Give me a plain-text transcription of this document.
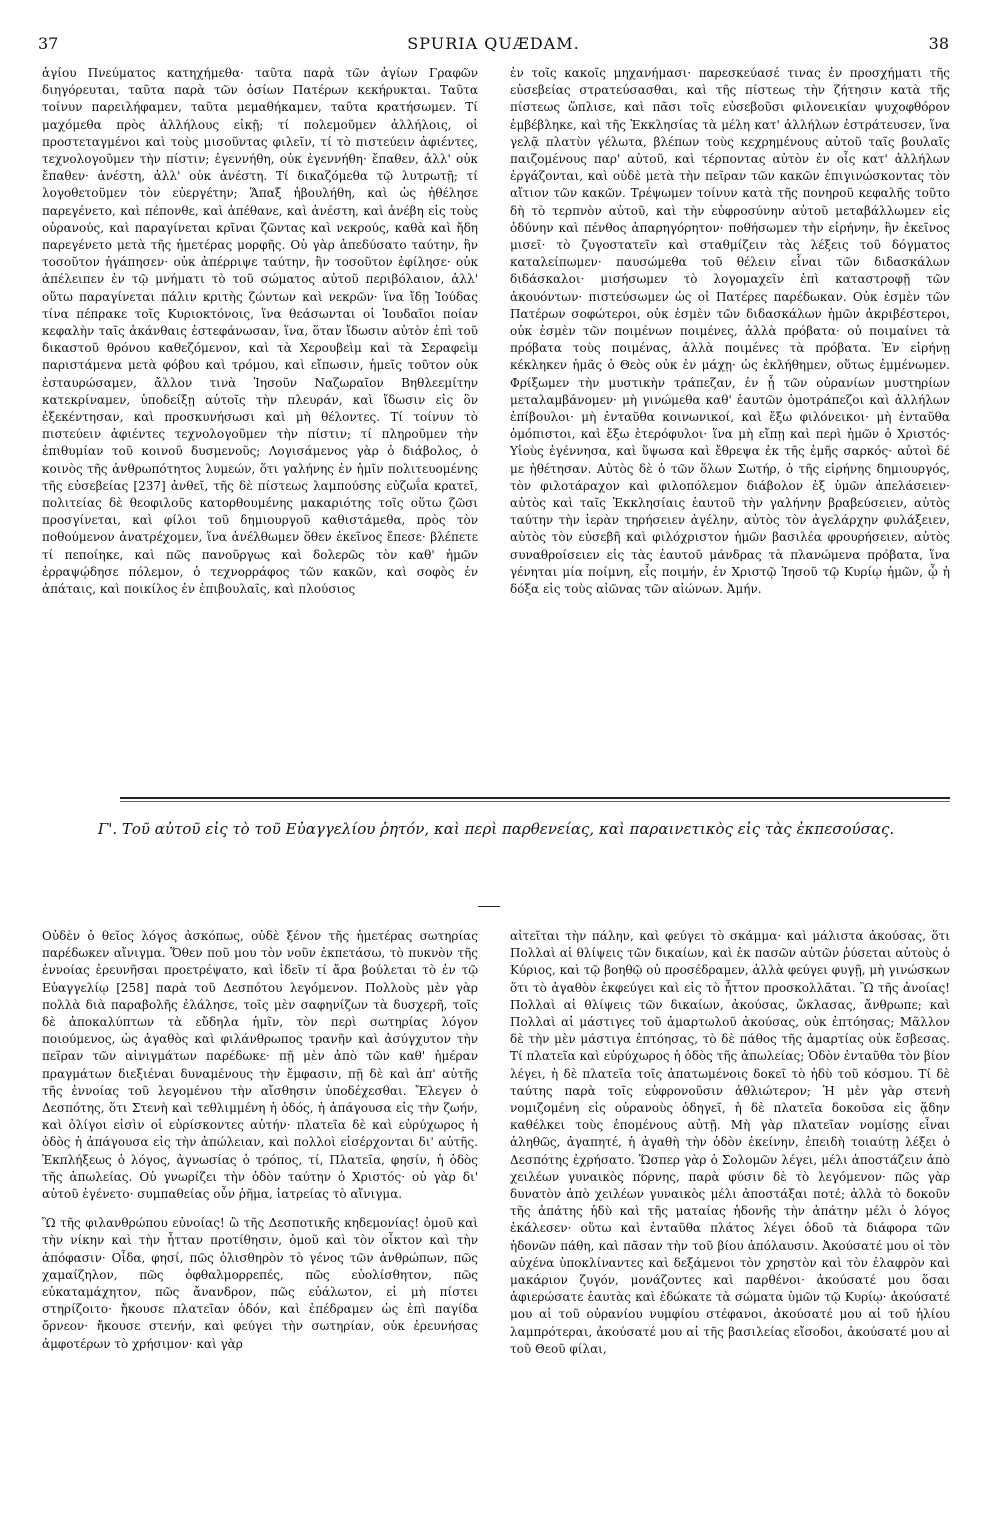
37	SPURIA QUÆDAM.	38

ἁγίου Πνεύματος κατηχήμεθα· ταῦτα παρὰ τῶν ἁγίων Γραφῶν διηγόρευται, ταῦτα παρὰ τῶν ὁσίων Πατέρων κεκήρυκται. Ταῦτα τοίνυν παρειλήφαμεν, ταῦτα μεμαθήκαμεν, ταῦτα κρατήσωμεν. Τί μαχόμεθα πρὸς ἀλλήλους εἰκῇ; τί πολεμοῦμεν ἀλλήλοις, οἱ προστεταγμένοι καὶ τοὺς μισοῦντας φιλεῖν, τί τὸ πιστεύειν ἀφιέντες, τεχνολογοῦμεν τὴν πίστιν; ἐγεννήθη, οὐκ ἐγεννήθη· ἔπαθεν, ἀλλ' οὐκ ἔπαθεν· ἀνέστη, ἀλλ' οὐκ ἀνέστη. Τί δικαζόμεθα τῷ λυτρωτῇ; τί λογοθετοῦμεν τὸν εὐεργέτην; Ἅπαξ ἠβουλήθη, καὶ ὡς ἠθέλησε παρεγένετο, καὶ πέπονθε, καὶ ἀπέθανε, καὶ ἀνέστη, καὶ ἀνέβη εἰς τοὺς οὐρανούς, καὶ παραγίνεται κρῖναι ζῶντας καὶ νεκρούς, καθὰ καὶ ἤδη παρεγένετο μετὰ τῆς ἡμετέρας μορφῆς. Οὐ γὰρ ἀπεδύσατο ταύτην, ἣν τοσοῦτον ἠγάπησεν· οὐκ ἀπέρριψε ταύτην, ἣν τοσοῦτον ἐφίλησε· οὐκ ἀπέλειπεν ἐν τῷ μνήματι τὸ τοῦ σώματος αὐτοῦ περιβόλαιον, ἀλλ' οὕτω παραγίνεται πάλιν κριτὴς ζώντων καὶ νεκρῶν· ἵνα ἴδῃ Ἰούδας τίνα πέπρακε τοῖς Κυριοκτόνοις, ἵνα θεάσωνται οἱ Ἰουδαῖοι ποίαν κεφαλὴν ταῖς ἀκάνθαις ἐστεφάνωσαν, ἵνα, ὅταν ἴδωσιν αὐτὸν ἐπὶ τοῦ δικαστοῦ θρόνου καθεζόμενον, καὶ τὰ Χερουβεὶμ καὶ τὰ Σεραφεὶμ παριστάμενα μετὰ φόβου καὶ τρόμου, καὶ εἴπωσιν, ἡμεῖς τοῦτον οὐκ ἐσταυρώσαμεν, ἄλλον τινὰ Ἰησοῦν Ναζωραῖον Βηθλεεμίτην κατεκρίναμεν, ὑποδείξῃ αὐτοῖς τὴν πλευράν, καὶ ἴδωσιν εἰς ὃν ἐξεκέντησαν, καὶ προσκυνήσωσι καὶ μὴ θέλοντες. Τί τοίνυν τὸ πιστεύειν ἀφιέντες τεχνολογοῦμεν τὴν πίστιν; τί πληροῦμεν τὴν ἐπιθυμίαν τοῦ κοινοῦ δυσμενοῦς; Λογισάμενος γὰρ ὁ διάβολος, ὁ κοινὸς τῆς ἀνθρωπότητος λυμεών, ὅτι γαλήνης ἐν ἡμῖν πολιτευομένης τῆς εὐσεβείας [237] ἀνθεῖ, τῆς δὲ πίστεως λαμπούσης εὐζωΐα κρατεῖ, πολιτείας δὲ θεοφιλοῦς κατορθουμένης μακαριότης τοῖς οὕτω ζῶσι προσγίνεται, καὶ φίλοι τοῦ δημιουργοῦ καθιστάμεθα, πρὸς τὸν ποθούμενον ἀνατρέχομεν, ἵνα ἀνέλθωμεν ὅθεν ἐκεῖνος ἔπεσε· βλέπετε τί πεποίηκε, καὶ πῶς πανοῦργως καὶ δολερῶς τὸν καθ' ἡμῶν ἐρραψῴδησε πόλεμον, ὁ τεχνορράφος τῶν κακῶν, καὶ σοφὸς ἐν ἀπάταις, καὶ ποικίλος ἐν ἐπιβουλαῖς, καὶ πλούσιος

ἐν τοῖς κακοῖς μηχανήμασι· παρεσκεύασέ τινας ἐν προσχήματι τῆς εὐσεβείας στρατεύσασθαι, καὶ τῆς πίστεως τὴν ζήτησιν κατὰ τῆς πίστεως ὥπλισε, καὶ πᾶσι τοῖς εὐσεβοῦσι φιλονεικίαν ψυχοφθόρον ἐμβέβληκε, καὶ τῆς Ἐκκλησίας τὰ μέλη κατ' ἀλλήλων ἐστράτευσεν, ἵνα γελᾷ πλατὺν γέλωτα, βλέπων τοὺς κεχρημένους αὐτοῦ ταῖς βουλαῖς παιζομένους παρ' αὐτοῦ, καὶ τέρποντας αὐτὸν ἐν οἷς κατ' ἀλλήλων ἐργάζονται, καὶ οὐδὲ μετὰ τὴν πεῖραν τῶν κακῶν ἐπιγινώσκοντας τὸν αἴτιον τῶν κακῶν. Τρέψωμεν τοίνυν κατὰ τῆς πονηροῦ κεφαλῆς τοῦτο δὴ τὸ τερπνὸν αὐτοῦ, καὶ τὴν εὐφροσύνην αὐτοῦ μεταβάλλωμεν εἰς ὀδύνην καὶ πένθος ἀπαρηγόρητον· ποθήσωμεν τὴν εἰρήνην, ἣν ἐκεῖνος μισεῖ· τὸ ζυγοστατεῖν καὶ σταθμίζειν τὰς λέξεις τοῦ δόγματος καταλείπωμεν· παυσώμεθα τοῦ θέλειν εἶναι τῶν διδασκάλων διδάσκαλοι· μισήσωμεν τὸ λογομαχεῖν ἐπὶ καταστροφῇ τῶν ἀκουόντων· πιστεύσωμεν ὡς οἱ Πατέρες παρέδωκαν. Οὐκ ἐσμὲν τῶν Πατέρων σοφώτεροι, οὐκ ἐσμὲν τῶν διδασκάλων ἡμῶν ἀκριβέστεροι, οὐκ ἐσμὲν τῶν ποιμένων ποιμένες, ἀλλὰ πρόβατα· οὐ ποιμαίνει τὰ πρόβατα τοὺς ποιμένας, ἀλλὰ ποιμένες τὰ πρόβατα. Ἐν εἰρήνῃ κέκληκεν ἡμᾶς ὁ Θεὸς οὐκ ἐν μάχῃ· ὡς ἐκλήθημεν, οὕτως ἐμμένωμεν. Φρίξωμεν τὴν μυστικὴν τράπεζαν, ἐν ᾗ τῶν οὐρανίων μυστηρίων μεταλαμβάνομεν· μὴ γινώμεθα καθ' ἑαυτῶν ὁμοτράπεζοι καὶ ἀλλήλων ἐπίβουλοι· μὴ ἐνταῦθα κοινωνικοί, καὶ ἔξω φιλόνεικοι· μὴ ἐνταῦθα ὁμόπιστοι, καὶ ἔξω ἑτερόφυλοι· ἵνα μὴ εἴπῃ καὶ περὶ ἡμῶν ὁ Χριστός· Υἱοὺς ἐγέννησα, καὶ ὕψωσα καὶ ἔθρεψα ἐκ τῆς ἐμῆς σαρκός· αὐτοὶ δέ με ἠθέτησαν. Αὐτὸς δὲ ὁ τῶν ὅλων Σωτήρ, ὁ τῆς εἰρήνης δημιουργός, τὸν φιλοτάραχον καὶ φιλοπόλεμον διάβολον ἐξ ὑμῶν ἀπελάσειεν· αὐτὸς καὶ ταῖς Ἐκκλησίαις ἑαυτοῦ τὴν γαλήνην βραβεύσειεν, αὐτὸς ταύτην τὴν ἱερὰν τηρήσειεν ἀγέλην, αὐτὸς τὸν ἀγελάρχην φυλάξειεν, αὐτὸς τὸν εὐσεβῆ καὶ φιλόχριστον ἡμῶν βασιλέα φρουρήσειεν, αὐτὸς συναθροίσειεν εἰς τὰς ἑαυτοῦ μάνδρας τὰ πλανώμενα πρόβατα, ἵνα γένηται μία ποίμνη, εἷς ποιμήν, ἐν Χριστῷ Ἰησοῦ τῷ Κυρίῳ ἡμῶν, ᾧ ἡ δόξα εἰς τοὺς αἰῶνας τῶν αἰώνων. Ἀμήν.

Γ'. Τοῦ αὐτοῦ εἰς τὸ τοῦ Εὐαγγελίου ῥητόν, καὶ περὶ παρθενείας, καὶ παραινετικὸς εἰς τὰς ἐκπεσούσας.

Οὐδὲν ὁ θεῖος λόγος ἀσκόπως, οὐδὲ ξένον τῆς ἡμετέρας σωτηρίας παρέδωκεν αἴνιγμα. Ὅθεν ποῦ μου τὸν νοῦν ἐκπετάσω, τὸ πυκνὸν τῆς ἐννοίας ἐρευνῆσαι προετρέψατο, καὶ ἰδεῖν τί ἄρα βούλεται τὸ ἐν τῷ Εὐαγγελίῳ [258] παρὰ τοῦ Δεσπότου λεγόμενον. Πολλοὺς μὲν γὰρ πολλὰ διὰ παραβολῆς ἐλάλησε, τοῖς μὲν σαφηνίζων τὰ δυσχερῆ, τοῖς δὲ ἀποκαλύπτων τὰ εὔδηλα ἡμῖν, τὸν περὶ σωτηρίας λόγον ποιούμενος, ὡς ἀγαθὸς καὶ φιλάνθρωπος τρανῆν καὶ ἀσύγχυτον τὴν πεῖραν τῶν αἰνιγμάτων παρέδωκε· πῇ μὲν ἀπὸ τῶν καθ' ἡμέραν πραγμάτων διεξιέναι δυναμένους τὴν ἔμφασιν, πῇ δὲ καὶ ἀπ' αὐτῆς τῆς ἐννοίας τοῦ λεγομένου τὴν αἴσθησιν ὑποδέχεσθαι. Ἔλεγεν ὁ Δεσπότης, ὅτι Στενὴ καὶ τεθλιμμένη ἡ ὁδός, ἡ ἀπάγουσα εἰς τὴν ζωήν, καὶ ὀλίγοι εἰσὶν οἱ εὑρίσκοντες αὐτήν· πλατεῖα δὲ καὶ εὐρύχωρος ἡ ὁδὸς ἡ ἀπάγουσα εἰς τὴν ἀπώλειαν, καὶ πολλοὶ εἰσέρχονται δι' αὐτῆς. Ἐκπλήξεως ὁ λόγος, ἀγνωσίας ὁ τρόπος, τί, Πλατεῖα, φησίν, ἡ ὁδὸς τῆς ἀπωλείας. Οὐ γνωρίζει τὴν ὁδὸν ταύτην ὁ Χριστός· οὐ γὰρ δι' αὐτοῦ ἐγένετο· συμπαθείας οὖν ῥῆμα, ἰατρείας τὸ αἴνιγμα.

Ὢ τῆς φιλανθρώπου εὐνοίας! ὢ τῆς Δεσποτικῆς κηδεμονίας! ὁμοῦ καὶ τὴν νίκην καὶ τὴν ἧτταν προτίθησιν, ὁμοῦ καὶ τὸν οἶκτον καὶ τὴν ἀπόφασιν· Οἶδα, φησί, πῶς ὀλισθηρὸν τὸ γένος τῶν ἀνθρώπων, πῶς χαμαίζηλον, πῶς ὀφθαλμορρεπές, πῶς εὐολίσθητον, πῶς εὐκαταμάχητον, πῶς ἄνανδρον, πῶς εὐάλωτον, εἰ μὴ πίστει στηρίζοιτο· ἤκουσε πλατεῖαν ὁδόν, καὶ ἐπέδραμεν ὡς ἐπὶ παγίδα ὄρνεον· ἤκουσε στενήν, καὶ φεύγει τὴν σωτηρίαν, οὐκ ἐρευνήσας ἀμφοτέρων τὸ χρήσιμον· καὶ γὰρ

αἰτεῖται τὴν πάλην, καὶ φεύγει τὸ σκάμμα· καὶ μάλιστα ἀκούσας, ὅτι Πολλαὶ αἱ θλίψεις τῶν δικαίων, καὶ ἐκ πασῶν αὐτῶν ῥύσεται αὐτοὺς ὁ Κύριος, καὶ τῷ βοηθῷ οὐ προσέδραμεν, ἀλλὰ φεύγει φυγῇ, μὴ γινώσκων ὅτι τὸ ἀγαθὸν ἐκφεύγει καὶ εἰς τὸ ἧττον προσκολλᾶται. Ὢ τῆς ἀνοίας! Πολλαὶ αἱ θλίψεις τῶν δικαίων, ἀκούσας, ὤκλασας, ἄνθρωπε; καὶ Πολλαὶ αἱ μάστιγες τοῦ ἁμαρτωλοῦ ἀκούσας, οὐκ ἐπτόησας; Μᾶλλον δὲ τὴν μὲν μάστιγα ἐπτόησας, τὸ δὲ πάθος τῆς ἁμαρτίας οὐκ ἔσβεσας. Τί πλατεῖα καὶ εὐρύχωρος ἡ ὁδὸς τῆς ἀπωλείας; Ὁδὸν ἐνταῦθα τὸν βίον λέγει, ἡ δὲ πλατεῖα τοῖς ἀπατωμένοις δοκεῖ τὸ ἡδὺ τοῦ κόσμου. Τί δὲ ταύτης παρὰ τοῖς εὐφρονοῦσιν ἀθλιώτερον; Ἡ μὲν γὰρ στενὴ νομιζομένη εἰς οὐρανοὺς ὁδηγεῖ, ἡ δὲ πλατεῖα δοκοῦσα εἰς ᾅδην καθέλκει τοὺς ἑπομένους αὐτῇ. Μὴ γὰρ πλατεῖαν νομίσῃς εἶναι ἀληθῶς, ἀγαπητέ, ἡ ἀγαθὴ τὴν ὁδὸν ἐκείνην, ἐπειδὴ τοιαύτῃ λέξει ὁ Δεσπότης ἐχρήσατο. Ὥσπερ γὰρ ὁ Σολομῶν λέγει, μέλι ἀποστάζειν ἀπὸ χειλέων γυναικὸς πόρνης, παρὰ φύσιν δὲ τὸ λεγόμενον· πῶς γὰρ δυνατὸν ἀπὸ χειλέων γυναικὸς μέλι ἀποστάξαι ποτέ; ἀλλὰ τὸ δοκοῦν τῆς ἀπάτης ἡδὺ καὶ τῆς ματαίας ἡδονῆς τὴν ἀπάτην μέλι ὁ λόγος ἐκάλεσεν· οὕτω καὶ ἐνταῦθα πλάτος λέγει ὁδοῦ τὰ διάφορα τῶν ἡδονῶν πάθη, καὶ πᾶσαν τὴν τοῦ βίου ἀπόλαυσιν. Ἀκούσατέ μου οἱ τὸν αὐχένα ὑποκλίναντες καὶ δεξάμενοι τὸν χρηστὸν καὶ τὸν ἐλαφρὸν καὶ μακάριον ζυγόν, μονάζοντες καὶ παρθένοι· ἀκούσατέ μου ὅσαι ἀφιερώσατε ἑαυτὰς καὶ ἐδώκατε τὰ σώματα ὑμῶν τῷ Κυρίῳ· ἀκούσατέ μου αἱ τοῦ οὐρανίου νυμφίου στέφανοι, ἀκούσατέ μου αἱ τοῦ ἡλίου λαμπρότεραι, ἀκούσατέ μου αἱ τῆς βασιλείας εἴσοδοι, ἀκούσατέ μου αἱ τοῦ Θεοῦ φίλαι,
